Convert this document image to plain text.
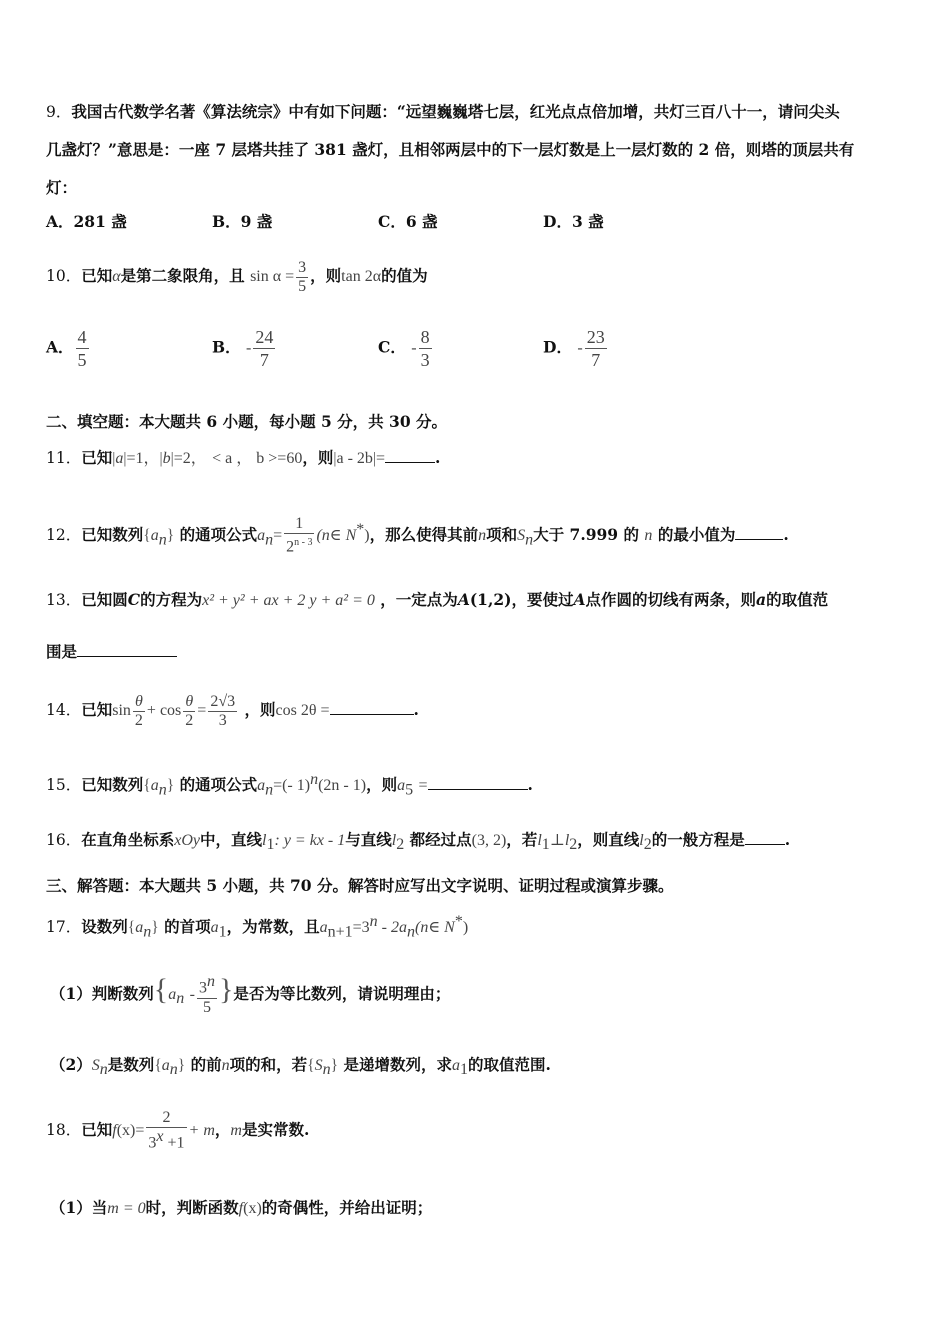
9．我国古代数学名著《算法统宗》中有如下问题：“远望巍巍塔七层，红光点点倍加增，共灯三百八十一，请问尖头
几盏灯？”意思是：一座 7 层塔共挂了 381 盏灯，且相邻两层中的下一层灯数是上一层灯数的 2 倍，则塔的顶层共有
灯：
A．281 盏	B．9 盏	C．6 盏	D．3 盏
10．已知α是第二象限角，且 $\sin \alpha = \frac{3}{5}$ ，则tan 2α的值为
A． $\frac{4}{5}$	B． - $\frac{24}{7}$	C． - $\frac{8}{3}$	D． - $\frac{23}{7}$
二、填空题：本大题共 6 小题，每小题 5 分，共 30 分。
11．已知|a|=1，|b|=2， < a ， b >=60，则|a - 2b|=	.
12．已知数列$\{a_n\}$ 的通项公式$a_n= \frac{1}{2^{n - 3}}$ (n∈ N*)，那么使得其前n项和$S_n$大于 7.999 的 n 的最小值为	.
13．已知圆C的方程为x² + y² + ax + 2 y + a² = 0 ，一定点为A(1,2)，要使过A点作圆的切线有两条，则a的取值范
围是
14．已知$\sin \frac{\theta}{2} + \cos \frac{\theta}{2} = \frac{2√3}{3}$ ，则cos 2θ =	.
15．已知数列$\{a_n\}$ 的通项公式$a_n=(-$ 1)$^n$(2n - 1)，则$a_5$ =	.
16．在直角坐标系xOy中，直线$l_1$: y = kx - 1与直线$l_2$ 都经过点(3, 2)，若$l_1\perp l_2$，则直线$l_2$的一般方程是	.
三、解答题：本大题共 5 小题，共 70 分。解答时应写出文字说明、证明过程或演算步骤。
17．设数列$\{a_n\}$ 的首项$a_1$，为常数，且$a_{n+1}=3^n$ - $2a_n(n\in$ N*)
（1）判断数列{$a_n - \frac{3^n}{5}$ }是否为等比数列，请说明理由；
$(2)S_n$是数列$\{a_n\}$ 的前n项的和，若$\{S_n\}$ 是递增数列，求$a_1$的取值范围.
18．已知$f(x)= \frac{2}{3^x +1} + m$，m是实常数.
（1）当m = 0时，判断函数f(x)的奇偶性，并给出证明；
